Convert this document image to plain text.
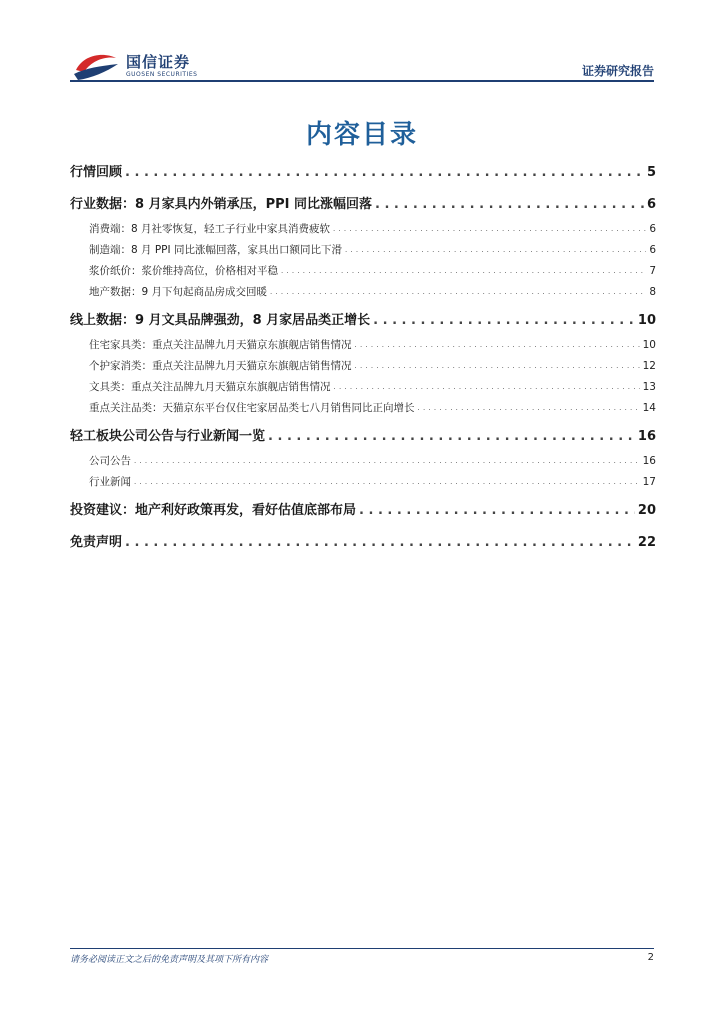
国信证券
GUOSEN SECURITIES	证券研究报告
内容目录
行情回顾 . . .	5
行业数据：8 月家具内外销承压，PPI 同比涨幅回落 . . .	6
消费端：8 月社零恢复，轻工子行业中家具消费疲软 . . .	6
制造端：8 月 PPI 同比涨幅回落，家具出口额同比下滑 . . .	6
浆价纸价：浆价维持高位，价格相对平稳 . . .	7
地产数据：9 月下旬起商品房成交回暖 . . .	8
线上数据：9 月文具品牌强劲，8 月家居品类正增长 . . .	10
住宅家具类：重点关注品牌九月天猫京东旗舰店销售情况 . . .	10
个护家消类：重点关注品牌九月天猫京东旗舰店销售情况 . . .	12
文具类：重点关注品牌九月天猫京东旗舰店销售情况 . . .	13
重点关注品类：天猫京东平台仅住宅家居品类七八月销售同比正向增长 . . .	14
轻工板块公司公告与行业新闻一览 . . .	16
公司公告 . . .	16
行业新闻 . . .	17
投资建议：地产利好政策再发，看好估值底部布局 . . .	20
免责声明 . . .	22
请务必阅读正文之后的免责声明及其项下所有内容	2
